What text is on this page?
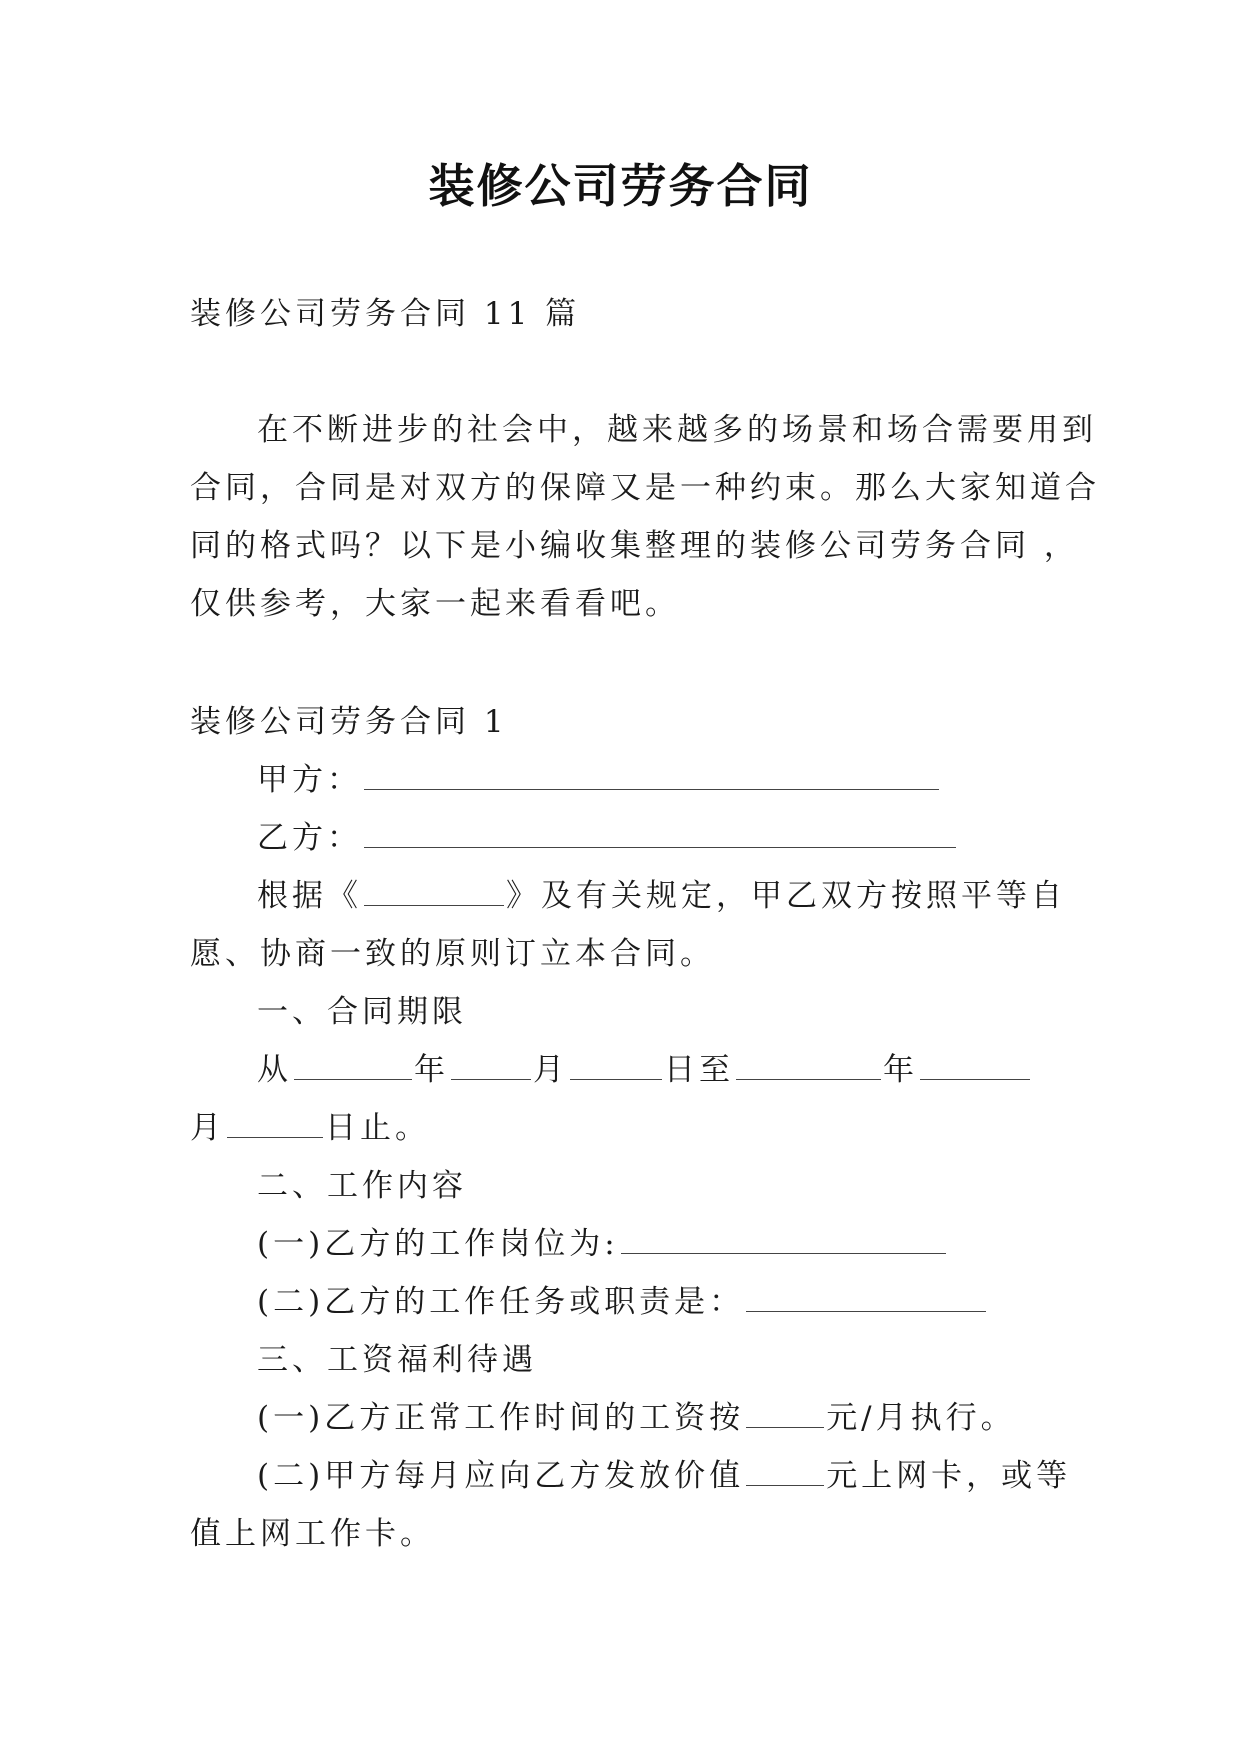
装修公司劳务合同
装修公司劳务合同 11 篇
在不断进步的社会中，越来越多的场景和场合需要用到
合同，合同是对双方的保障又是一种约束。那么大家知道合
同的格式吗？以下是小编收集整理的装修公司劳务合同 ，
仅供参考，大家一起来看看吧。
装修公司劳务合同 1
甲方：
乙方：
根据《	》及有关规定，甲乙双方按照平等自
愿、协商一致的原则订立本合同。
一、合同期限
从	年	月	日至	年
月	日止。
二、工作内容
(一)乙方的工作岗位为:
(二)乙方的工作任务或职责是：
三、工资福利待遇
(一)乙方正常工作时间的工资按	元/月执行。
(二)甲方每月应向乙方发放价值	元上网卡，或等
值上网工作卡。
